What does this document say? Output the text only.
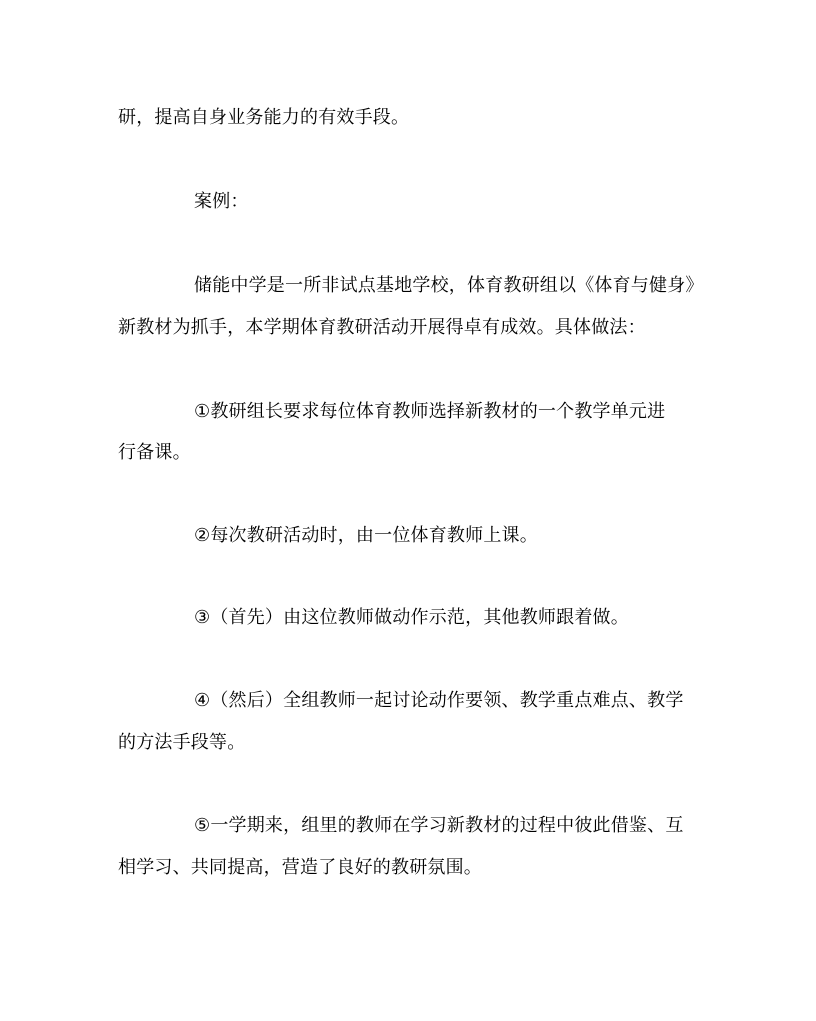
研，提高自身业务能力的有效手段。
案例：
储能中学是一所非试点基地学校，体育教研组以《体育与健身》
新教材为抓手，本学期体育教研活动开展得卓有成效。具体做法：
①教研组长要求每位体育教师选择新教材的一个教学单元进
行备课。
②每次教研活动时，由一位体育教师上课。
③（首先）由这位教师做动作示范，其他教师跟着做。
④（然后）全组教师一起讨论动作要领、教学重点难点、教学
的方法手段等。
⑤一学期来，组里的教师在学习新教材的过程中彼此借鉴、互
相学习、共同提高，营造了良好的教研氛围。
